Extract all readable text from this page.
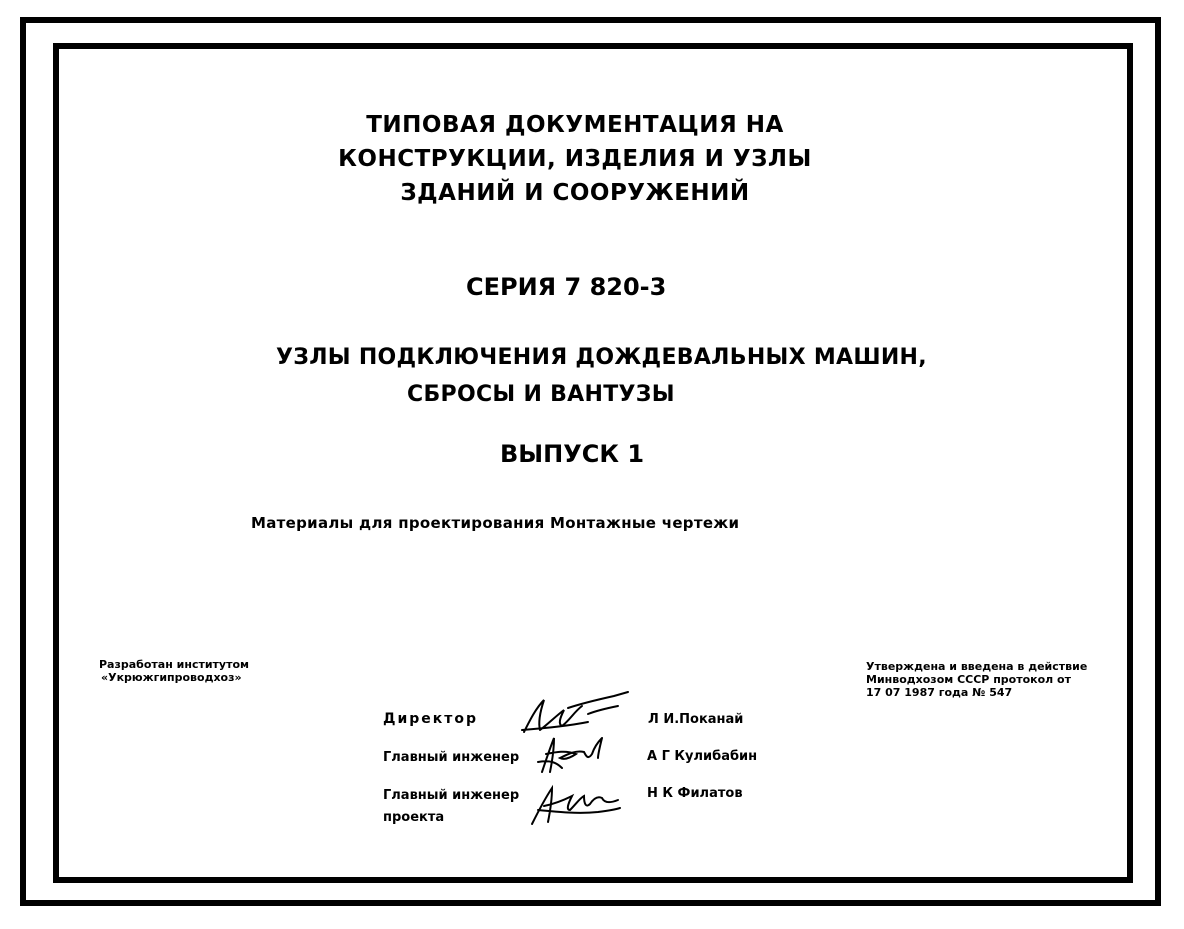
ТИПОВАЯ ДОКУМЕНТАЦИЯ НА
КОНСТРУКЦИИ, ИЗДЕЛИЯ И УЗЛЫ
ЗДАНИЙ И СООРУЖЕНИЙ
СЕРИЯ 7 820-3
УЗЛЫ ПОДКЛЮЧЕНИЯ ДОЖДЕВАЛЬНЫХ МАШИН,
СБРОСЫ И ВАНТУЗЫ
ВЫПУСК 1
Материалы для проектирования Монтажные чертежи
Разработан институтом
«Укрюжгипроводхоз»
Утверждена и введена в действие
Минводхозом СССР протокол от
17 07 1987 года № 547
Директор	Л И.Поканай
Главный инженер	А Г Кулибабин
Главный инженер
проекта
Н К Филатов
